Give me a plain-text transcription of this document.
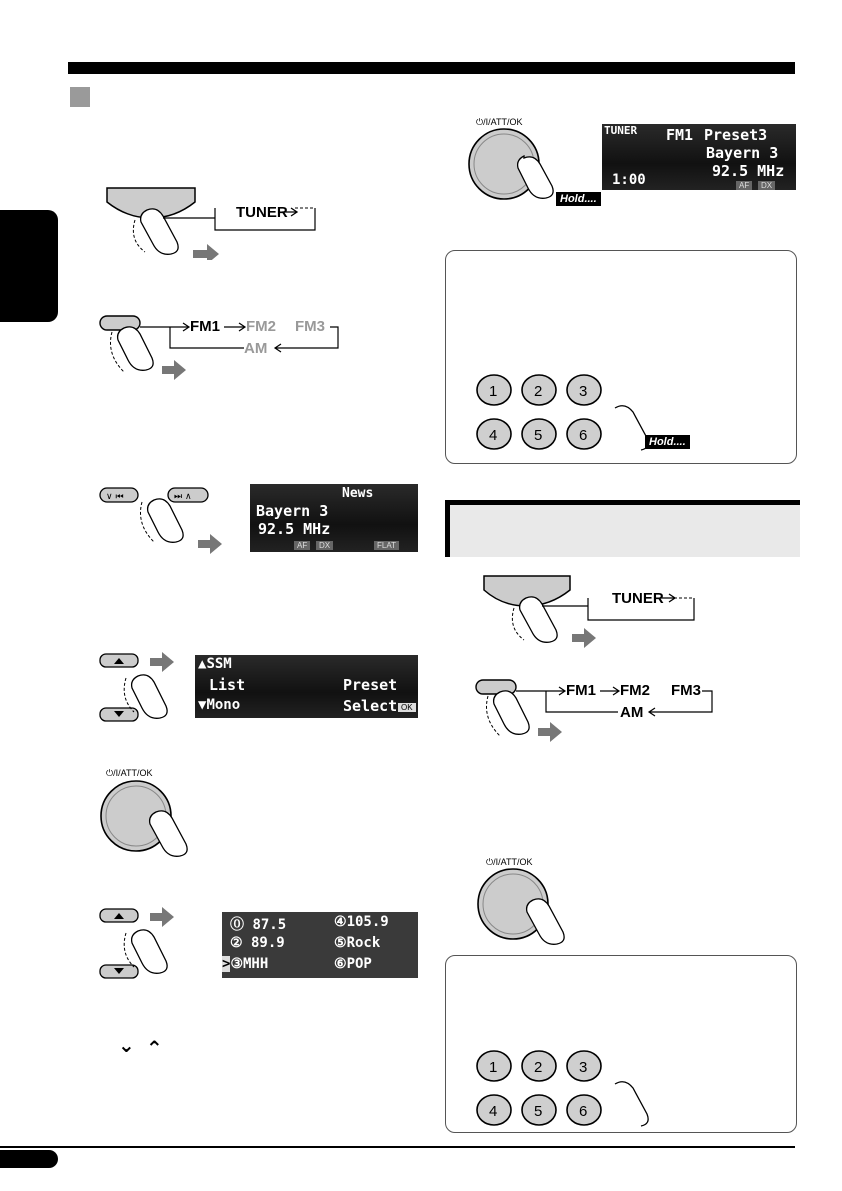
TUNER
FM1 FM2 FM3
AM
∨ ⏮	⏭ ∧	News
Bayern 3
92.5 MHz
AF	DX	FLAT
▲SSM
List
▼Mono
Preset
Select OK
⏻/I/ATT/OK
⓪ 87.5	④105.9
② 89.9	⑤Rock
>③MHH	⑥POP
⌄ ⌃
⏻/I/ATT/OK
Hold....
TUNER FM1 Preset3
Bayern 3
92.5 MHz
1:00	AF	DX
1 2 3
4 5 6	Hold....
TUNER
FM1 FM2 FM3
AM
⏻/I/ATT/OK
1 2 3
4 5 6
